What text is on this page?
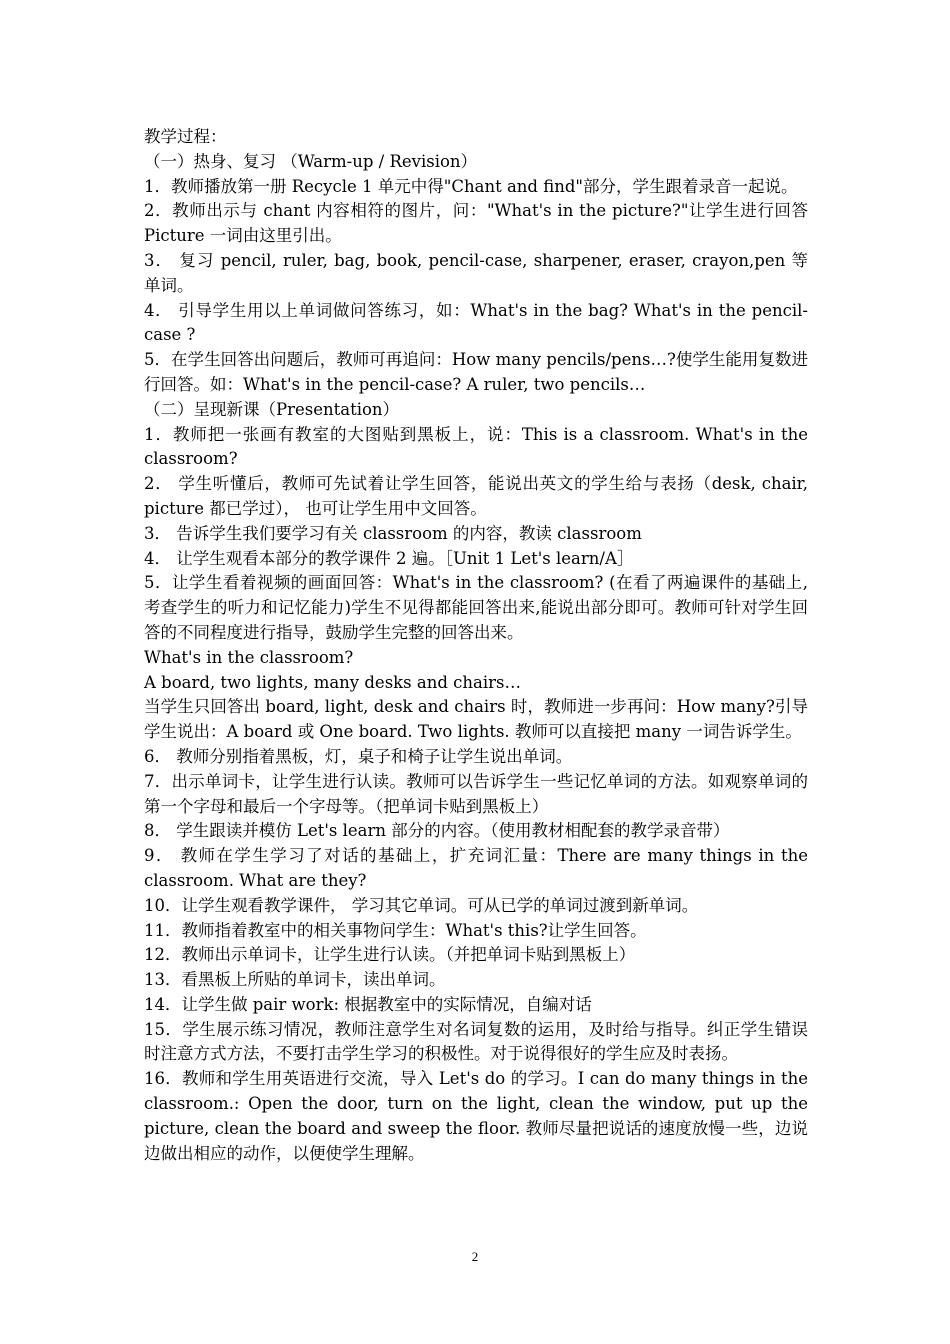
教学过程：

（一）热身、复习 （Warm-up / Revision）

1．教师播放第一册 Recycle 1 单元中得"Chant and find"部分，学生跟着录音一起说。

2．教师出示与 chant 内容相符的图片，问："What's in the picture?"让学生进行回答 Picture 一词由这里引出。

3． 复习 pencil, ruler, bag, book, pencil-case, sharpener, eraser, crayon,pen 等单词。

4． 引导学生用以上单词做问答练习，如：What's in the bag? What's in the pencil-case ?

5．在学生回答出问题后，教师可再追问：How many pencils/pens…?使学生能用复数进行回答。如：What's in the pencil-case? A ruler, two pencils…

（二）呈现新课（Presentation）

1．教师把一张画有教室的大图贴到黑板上，说：This is a classroom. What's in the classroom?

2． 学生听懂后，教师可先试着让学生回答，能说出英文的学生给与表扬（desk, chair, picture 都已学过）， 也可让学生用中文回答。

3． 告诉学生我们要学习有关 classroom 的内容，教读 classroom

4． 让学生观看本部分的教学课件 2 遍。［Unit 1 Let's learn/A］

5．让学生看着视频的画面回答：What's in the classroom? (在看了两遍课件的基础上,考查学生的听力和记忆能力)学生不见得都能回答出来,能说出部分即可。教师可针对学生回答的不同程度进行指导，鼓励学生完整的回答出来。

What's in the classroom?

A board, two lights, many desks and chairs…

当学生只回答出 board, light, desk and chairs 时，教师进一步再问：How many?引导学生说出：A board 或 One board. Two lights. 教师可以直接把 many 一词告诉学生。

6． 教师分别指着黑板，灯，桌子和椅子让学生说出单词。

7．出示单词卡，让学生进行认读。教师可以告诉学生一些记忆单词的方法。如观察单词的第一个字母和最后一个字母等。（把单词卡贴到黑板上）

8． 学生跟读并模仿 Let's learn 部分的内容。（使用教材相配套的教学录音带）

9． 教师在学生学习了对话的基础上，扩充词汇量：There are many things in the classroom. What are they?

10．让学生观看教学课件， 学习其它单词。可从已学的单词过渡到新单词。

11．教师指着教室中的相关事物问学生：What's this?让学生回答。

12．教师出示单词卡，让学生进行认读。（并把单词卡贴到黑板上）

13．看黑板上所贴的单词卡，读出单词。

14．让学生做 pair work: 根据教室中的实际情况，自编对话

15．学生展示练习情况，教师注意学生对名词复数的运用，及时给与指导。纠正学生错误时注意方式方法，不要打击学生学习的积极性。对于说得很好的学生应及时表扬。

16．教师和学生用英语进行交流，导入 Let's do 的学习。I can do many things in the classroom.: Open the door, turn on the light, clean the window, put up the picture, clean the board and sweep the floor. 教师尽量把说话的速度放慢一些，边说边做出相应的动作，以便使学生理解。

2
